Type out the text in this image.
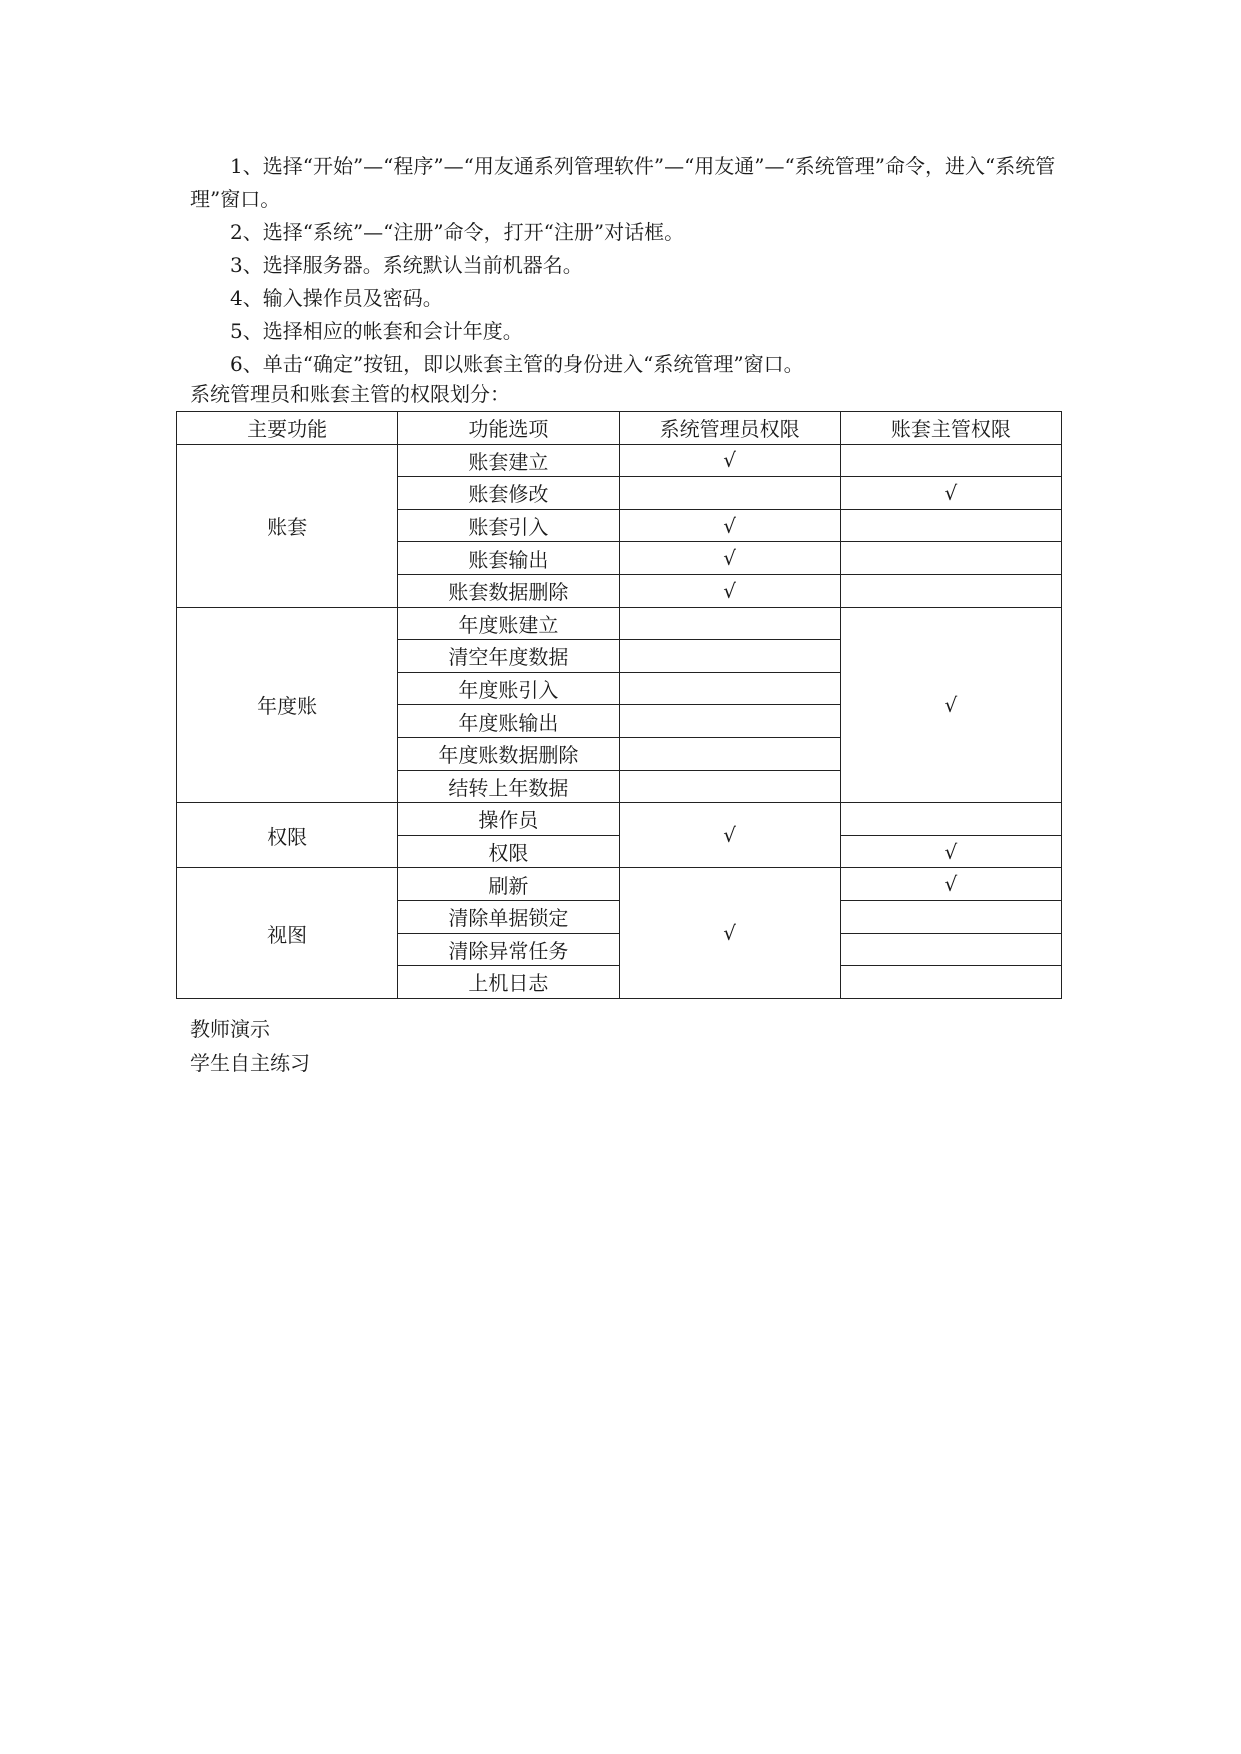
1、选择“开始”—“程序”—“用友通系列管理软件”—“用友通”—“系统管理”命令，进入“系统管理”窗口。
2、选择“系统”—“注册”命令，打开“注册”对话框。
3、选择服务器。系统默认当前机器名。
4、输入操作员及密码。
5、选择相应的帐套和会计年度。
6、单击“确定”按钮，即以账套主管的身份进入“系统管理”窗口。
系统管理员和账套主管的权限划分：
主要功能	功能选项	系统管理员权限	账套主管权限
账套	账套建立	√	
	账套修改		√
	账套引入	√	
	账套输出	√	
	账套数据删除	√	
年度账	年度账建立		√
	清空年度数据		
	年度账引入		
	年度账输出		
	年度账数据删除		
	结转上年数据		
权限	操作员	√	
	权限		√
视图	刷新	√	√
	清除单据锁定		
	清除异常任务		
	上机日志		
教师演示
学生自主练习
